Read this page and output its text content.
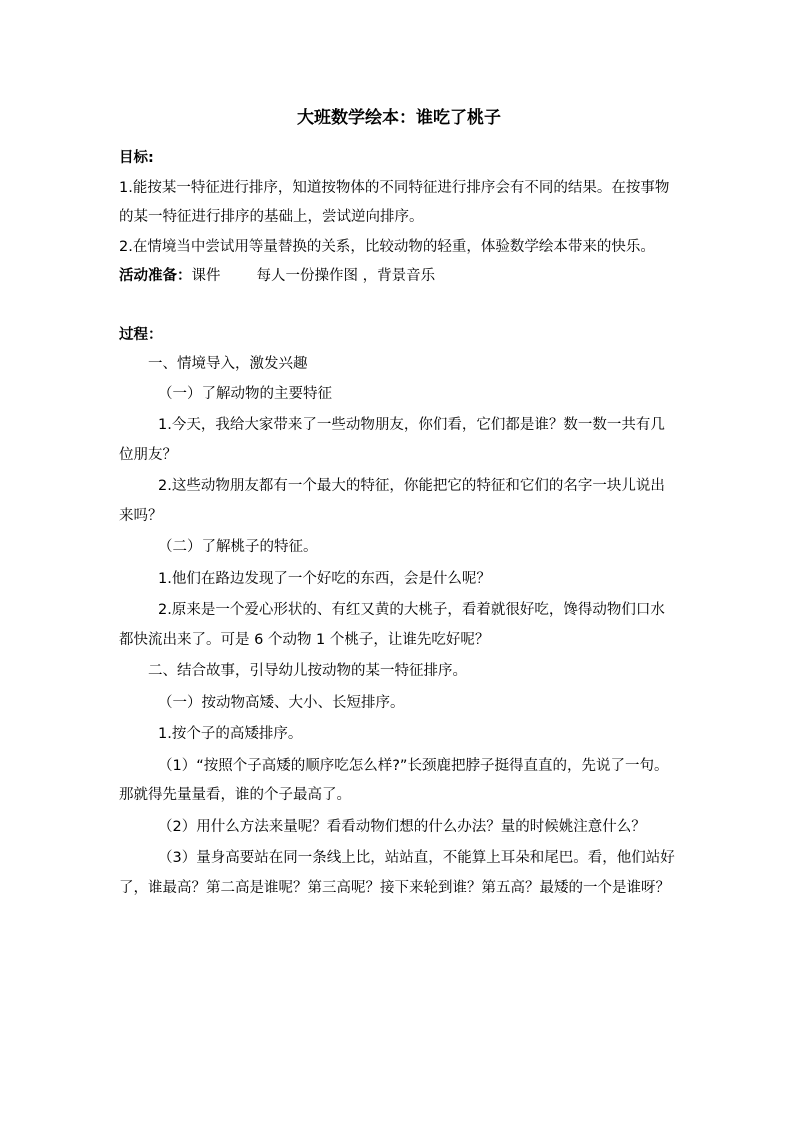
大班数学绘本：谁吃了桃子

目标:

1.能按某一特征进行排序，知道按物体的不同特征进行排序会有不同的结果。在按事物的某一特征进行排序的基础上，尝试逆向排序。

2.在情境当中尝试用等量替换的关系，比较动物的轻重，体验数学绘本带来的快乐。

活动准备：课件 每人一份操作图 ，背景音乐

过程：

一、情境导入，激发兴趣

（一）了解动物的主要特征

1.今天，我给大家带来了一些动物朋友，你们看，它们都是谁？数一数一共有几位朋友？

2.这些动物朋友都有一个最大的特征，你能把它的特征和它们的名字一块儿说出来吗？

（二）了解桃子的特征。

1.他们在路边发现了一个好吃的东西，会是什么呢？

2.原来是一个爱心形状的、有红又黄的大桃子，看着就很好吃，馋得动物们口水都快流出来了。可是 6 个动物 1 个桃子，让谁先吃好呢？

二、结合故事，引导幼儿按动物的某一特征排序。

（一）按动物高矮、大小、长短排序。

1.按个子的高矮排序。

（1）“按照个子高矮的顺序吃怎么样?”长颈鹿把脖子挺得直直的，先说了一句。那就得先量量看，谁的个子最高了。

（2）用什么方法来量呢？看看动物们想的什么办法？量的时候姚注意什么？

（3）量身高要站在同一条线上比，站站直，不能算上耳朵和尾巴。看，他们站好了，谁最高？第二高是谁呢？第三高呢？接下来轮到谁？第五高？最矮的一个是谁呀？
